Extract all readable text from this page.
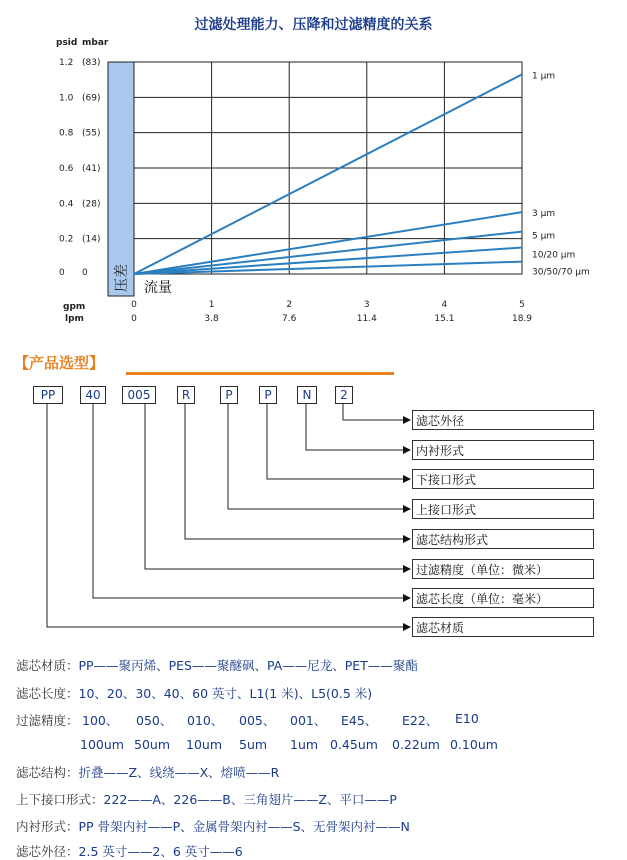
过滤处理能力、压降和过滤精度的关系
1 μm
3 μm
5 μm
10/20 μm
30/50/70 μm
psid mbar
1.2 (83)
1.0 (69)
0.8 (55)
0.6 (41)
0.4 (28)
0.2 (14)
0 0
gpm
lpm
0
0
1
3.8
2
7.6
3
11.4
4
15.1
5
18.9
压差 流量
【产品选型】
PP	40	005	R	P	P	N	2
滤芯外径
内衬形式
下接口形式
上接口形式
滤芯结构形式
过滤精度（单位：微米）
滤芯长度（单位：毫米）
滤芯材质
滤芯材质：PP——聚丙烯、PES——聚醚砜、PA——尼龙、PET——聚酯
滤芯长度：10、20、30、40、60 英寸、L1(1 米)、L5(0.5 米)
过滤精度： 100、 050、 010、 005、 001、 E45、 E22、 E10
100um 50um 10um 5um 1um 0.45um 0.22um 0.10um
滤芯结构：折叠——Z、线绕——X、熔喷——R
上下接口形式：222——A、226——B、三角翅片——Z、平口——P
内衬形式：PP 骨架内衬——P、金属骨架内衬——S、无骨架内衬——N
滤芯外径：2.5 英寸——2、6 英寸——6
